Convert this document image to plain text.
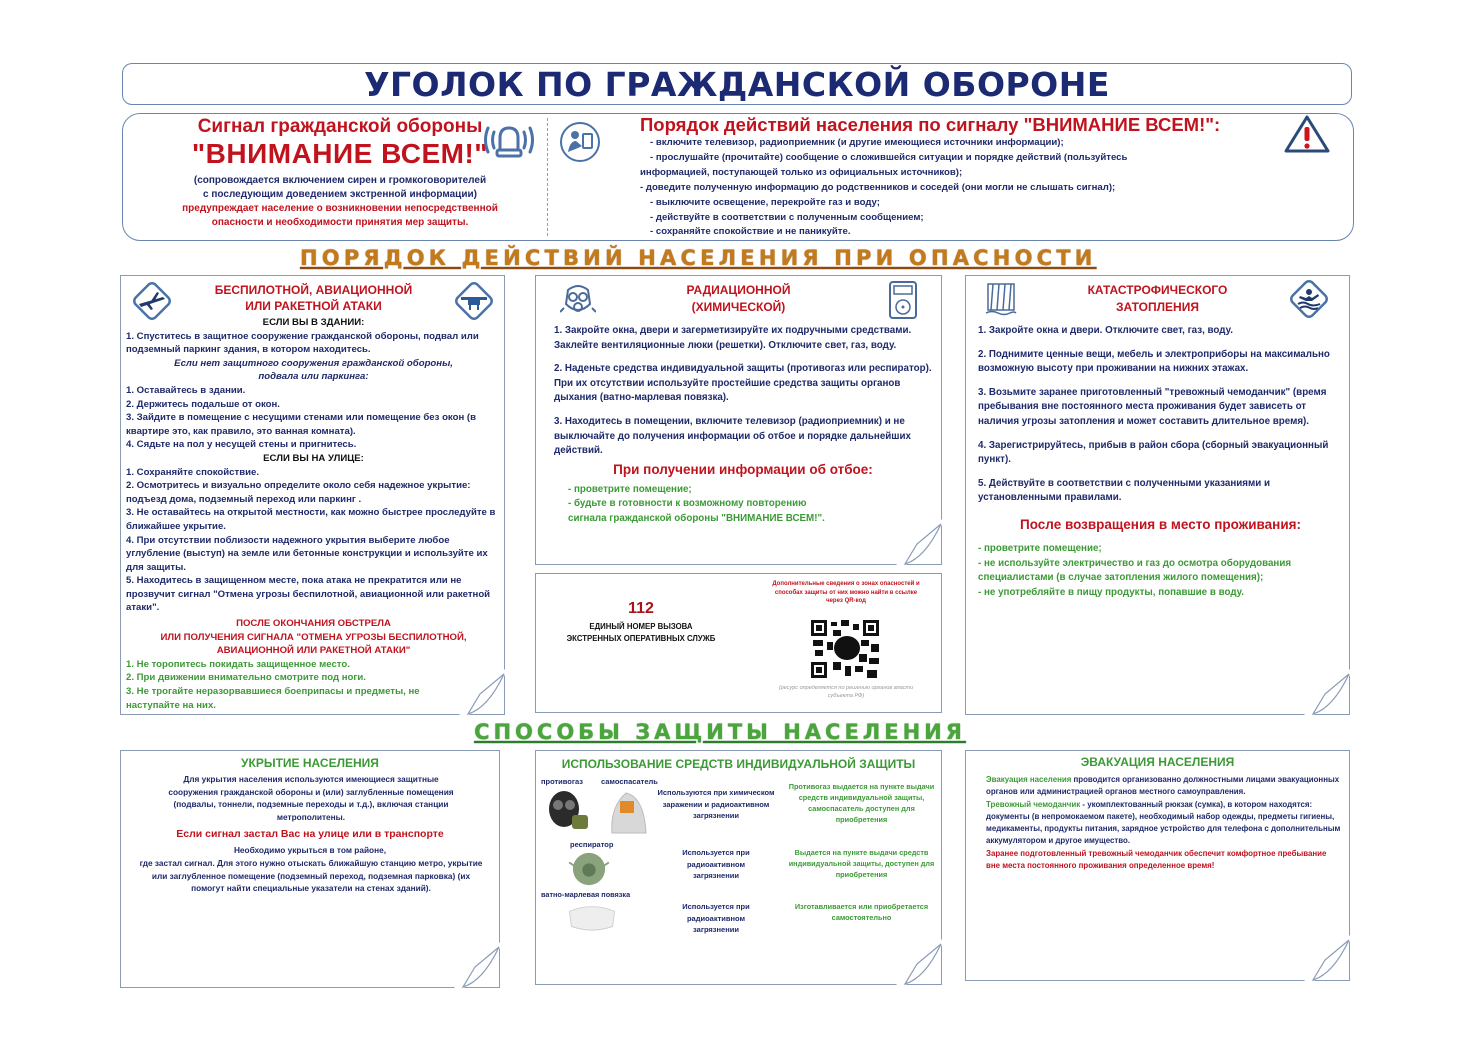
УГОЛОК ПО ГРАЖДАНСКОЙ ОБОРОНЕ
Сигнал гражданской обороны
"ВНИМАНИЕ ВСЕМ!"
(сопровождается включением сирен и громкоговорителей
с последующим доведением экстренной информации)
предупреждает население о возникновении непосредственной
опасности и необходимости принятия мер защиты.
Порядок действий населения по сигналу "ВНИМАНИЕ ВСЕМ!":
- включите телевизор, радиоприемник (и другие имеющиеся источники информации);
- прослушайте (прочитайте) сообщение о сложившейся ситуации и порядке действий (пользуйтесь
информацией, поступающей только из официальных источников);
- доведите полученную информацию до родственников и соседей (они могли не слышать сигнал);
- выключите освещение, перекройте газ и воду;
- действуйте в соответствии с полученным сообщением;
- сохраняйте спокойствие и не паникуйте.
ПОРЯДОК ДЕЙСТВИЙ НАСЕЛЕНИЯ ПРИ ОПАСНОСТИ
БЕСПИЛОТНОЙ, АВИАЦИОННОЙ
ИЛИ РАКЕТНОЙ АТАКИ
ЕСЛИ ВЫ В ЗДАНИИ:
1. Спуститесь в защитное сооружение гражданской обороны, подвал или подземный паркинг здания, в котором находитесь.
Если нет защитного сооружения гражданской обороны, подвала или паркинга:
1. Оставайтесь в здании.
2. Держитесь подальше от окон.
3. Зайдите в помещение с несущими стенами или помещение без окон (в квартире это, как правило, это ванная комната).
4. Сядьте на пол у несущей стены и пригнитесь.
ЕСЛИ ВЫ НА УЛИЦЕ:
1. Сохраняйте спокойствие.
2. Осмотритесь и визуально определите около себя надежное укрытие: подъезд дома, подземный переход или паркинг .
3. Не оставайтесь на открытой местности, как можно быстрее проследуйте в ближайшее укрытие.
4. При отсутствии поблизости надежного укрытия выберите любое углубление (выступ) на земле или бетонные конструкции и используйте их для защиты.
5. Находитесь в защищенном месте, пока атака не прекратится или не прозвучит сигнал "Отмена угрозы беспилотной, авиационной или ракетной атаки".
ПОСЛЕ ОКОНЧАНИЯ ОБСТРЕЛА
ИЛИ ПОЛУЧЕНИЯ СИГНАЛА "ОТМЕНА УГРОЗЫ БЕСПИЛОТНОЙ,
АВИАЦИОННОЙ ИЛИ РАКЕТНОЙ АТАКИ"
1. Не торопитесь покидать защищенное место.
2. При движении внимательно смотрите под ноги.
3. Не трогайте неразорвавшиеся боеприпасы и предметы, не наступайте на них.
РАДИАЦИОННОЙ
(ХИМИЧЕСКОЙ)

1. Закройте окна, двери и загерметизируйте их подручными средствами. Заклейте вентиляционные люки (решетки). Отключите свет, газ, воду.

2. Наденьте средства индивидуальной защиты (противогаз или респиратор). При их отсутствии используйте простейшие средства защиты органов дыхания (ватно-марлевая повязка).

3. Находитесь в помещении, включите телевизор (радиоприемник) и не выключайте до получения информации об отбое и порядке дальнейших действий.

При получении информации об отбое:
- проветрите помещение;
- будьте в готовности к возможному повторению
сигнала гражданской обороны "ВНИМАНИЕ ВСЕМ!".
112
ЕДИНЫЙ НОМЕР ВЫЗОВА
ЭКСТРЕННЫХ ОПЕРАТИВНЫХ СЛУЖБ
Дополнительные сведения о зонах опасностей и способах защиты от них можно найти в ссылке через QR-код
(ресурс определяется по решению органов власти субъекта РФ)
КАТАСТРОФИЧЕСКОГО
ЗАТОПЛЕНИЯ

1. Закройте окна и двери. Отключите свет, газ, воду.

2. Поднимите ценные вещи, мебель и электроприборы на максимально возможную высоту при проживании на нижних этажах.

3. Возьмите заранее приготовленный "тревожный чемоданчик" (время пребывания вне постоянного места проживания будет зависеть от наличия угрозы затопления и может составить длительное время).

4. Зарегистрируйтесь, прибыв в район сбора (сборный эвакуационный пункт).

5. Действуйте в соответствии с полученными указаниями и установленными правилами.

После возвращения в место проживания:
- проветрите помещение;
- не используйте электричество и газ до осмотра оборудования специалистами (в случае затопления жилого помещения);
- не употребляйте в пищу продукты, попавшие в воду.
СПОСОБЫ ЗАЩИТЫ НАСЕЛЕНИЯ
УКРЫТИЕ НАСЕЛЕНИЯ
Для укрытия населения используются имеющиеся защитные сооружения гражданской обороны и (или) заглубленные помещения (подвалы, тоннели, подземные переходы и т.д.), включая станции метрополитены.
Если сигнал застал Вас на улице или в транспорте
Необходимо укрыться в том районе,
где застал сигнал. Для этого нужно отыскать ближайшую станцию метро, укрытие или заглубленное помещение (подземный переход, подземная парковка) (их помогут найти специальные указатели на стенах зданий).
ИСПОЛЬЗОВАНИЕ СРЕДСТВ ИНДИВИДУАЛЬНОЙ ЗАЩИТЫ
противогаз самоспасатель
Используются при химическом заражении и радиоактивном загрязнении
Противогаз выдается на пункте выдачи средств индивидуальной защиты, самоспасатель доступен для приобретения
респиратор
Используется при радиоактивном загрязнении
Выдается на пункте выдачи средств индивидуальной защиты, доступен для приобретения
ватно-марлевая повязка
Используется при радиоактивном загрязнении
Изготавливается или приобретается самостоятельно
ЭВАКУАЦИЯ НАСЕЛЕНИЯ
Эвакуация населения проводится организованно должностными лицами эвакуационных органов или администрацией органов местного самоуправления.
Тревожный чемоданчик - укомплектованный рюкзак (сумка), в котором находятся: документы (в непромокаемом пакете), необходимый набор одежды, предметы гигиены, медикаменты, продукты питания, зарядное устройство для телефона с дополнительным аккумулятором и другое имущество.
Заранее подготовленный тревожный чемоданчик обеспечит комфортное пребывание вне места постоянного проживания определенное время!
